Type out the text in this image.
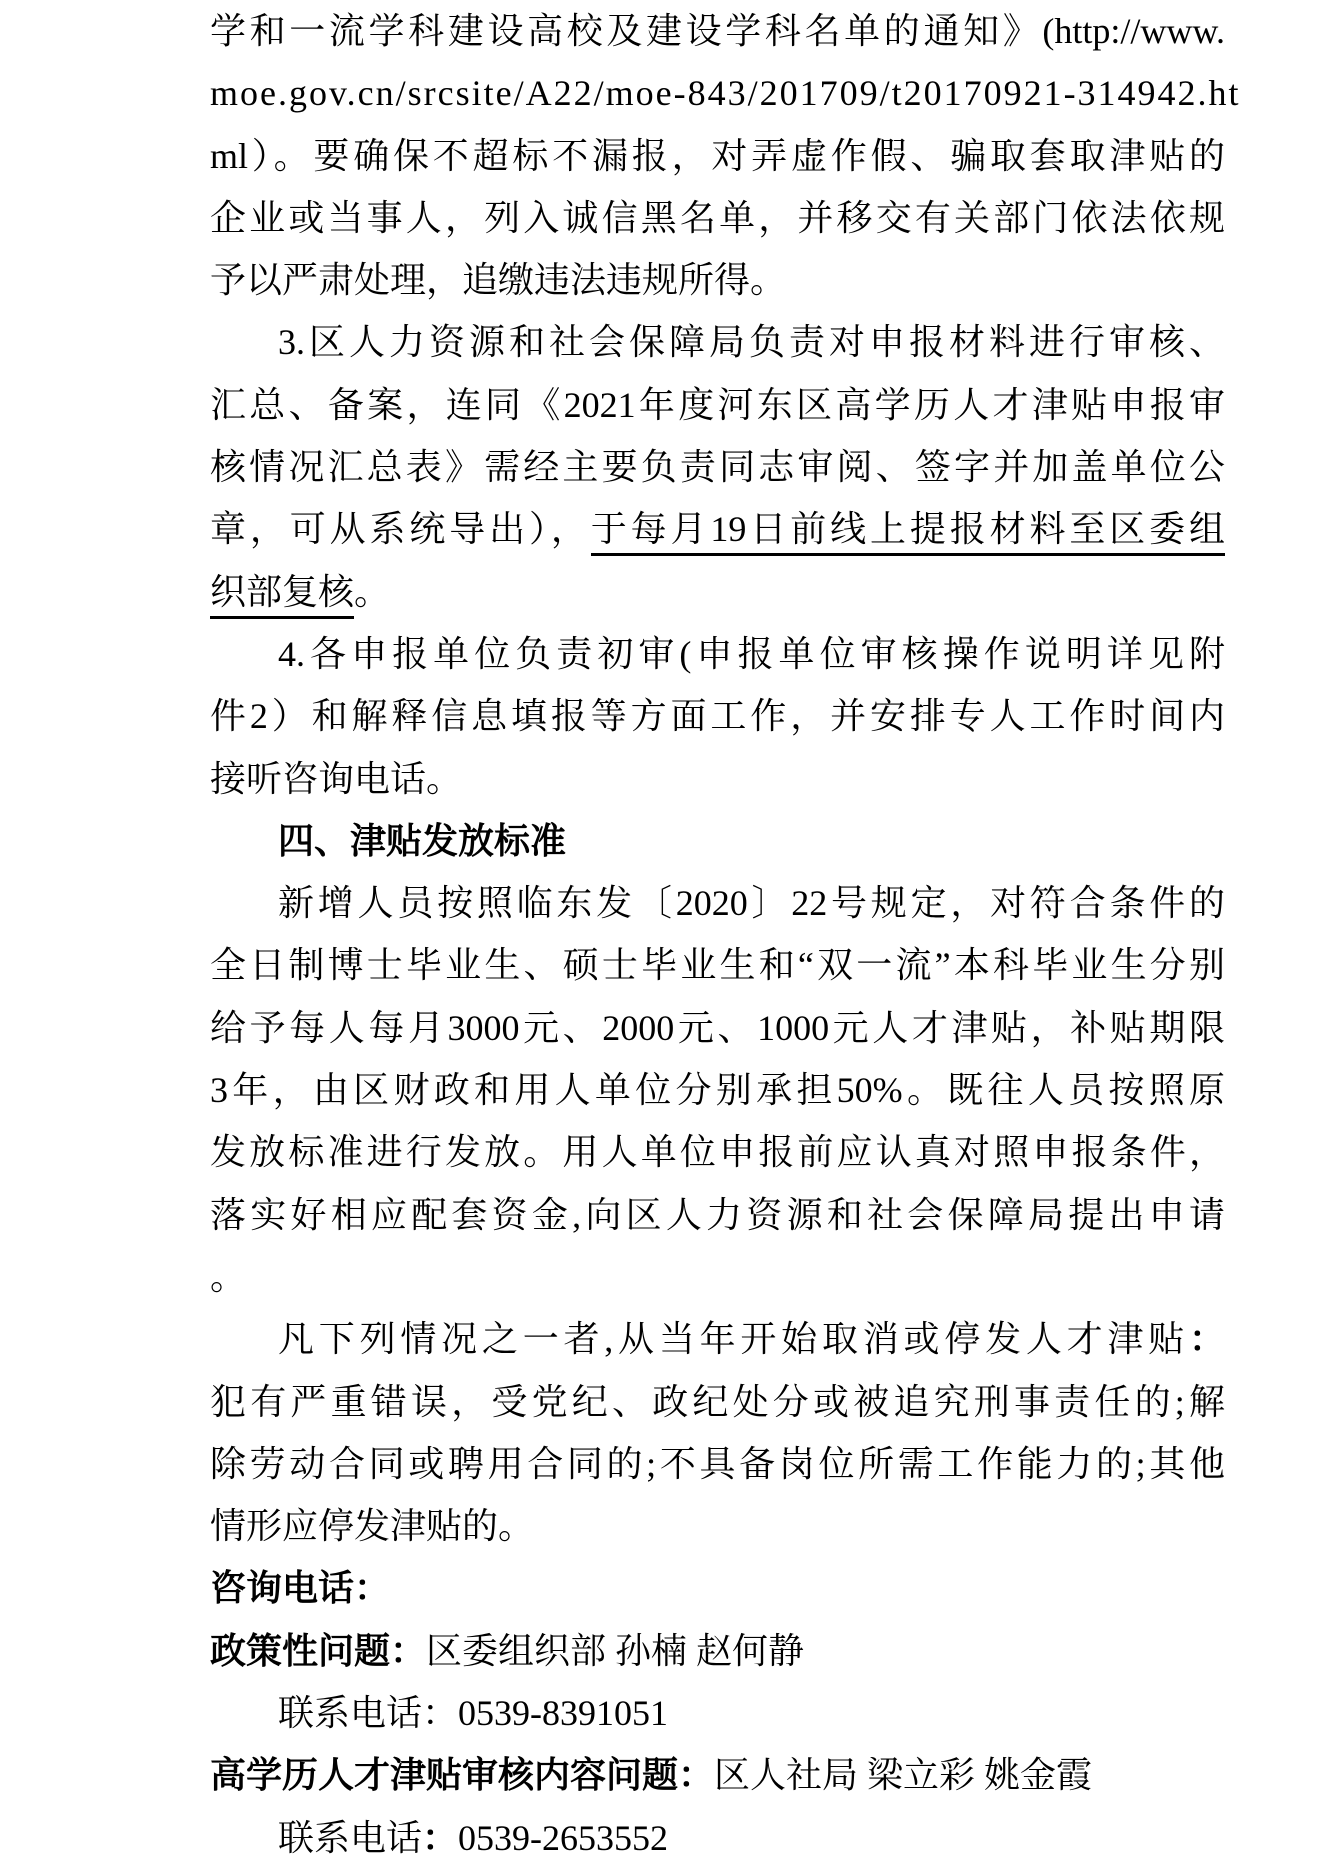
学和一流学科建设高校及建设学科名单的通知》(http://www.
moe.gov.cn/srcsite/A22/moe-843/201709/t20170921-314942.ht
ml）。要确保不超标不漏报，对弄虚作假、骗取套取津贴的
企业或当事人，列入诚信黑名单，并移交有关部门依法依规
予以严肃处理，追缴违法违规所得。
3.区人力资源和社会保障局负责对申报材料进行审核、
汇总、备案，连同《2021年度河东区高学历人才津贴申报审
核情况汇总表》需经主要负责同志审阅、签字并加盖单位公
章，可从系统导出），于每月19日前线上提报材料至区委组
织部复核。
4.各申报单位负责初审(申报单位审核操作说明详见附
件2）和解释信息填报等方面工作，并安排专人工作时间内
接听咨询电话。
四、津贴发放标准
新增人员按照临东发〔2020〕22号规定，对符合条件的
全日制博士毕业生、硕士毕业生和“双一流”本科毕业生分别
给予每人每月3000元、2000元、1000元人才津贴，补贴期限
3年，由区财政和用人单位分别承担50%。既往人员按照原
发放标准进行发放。用人单位申报前应认真对照申报条件，
落实好相应配套资金,向区人力资源和社会保障局提出申请
。
凡下列情况之一者,从当年开始取消或停发人才津贴：
犯有严重错误，受党纪、政纪处分或被追究刑事责任的;解
除劳动合同或聘用合同的;不具备岗位所需工作能力的;其他
情形应停发津贴的。
咨询电话：
政策性问题：区委组织部 孙楠 赵何静
联系电话：0539-8391051
高学历人才津贴审核内容问题：区人社局 梁立彩 姚金霞
联系电话：0539-2653552
